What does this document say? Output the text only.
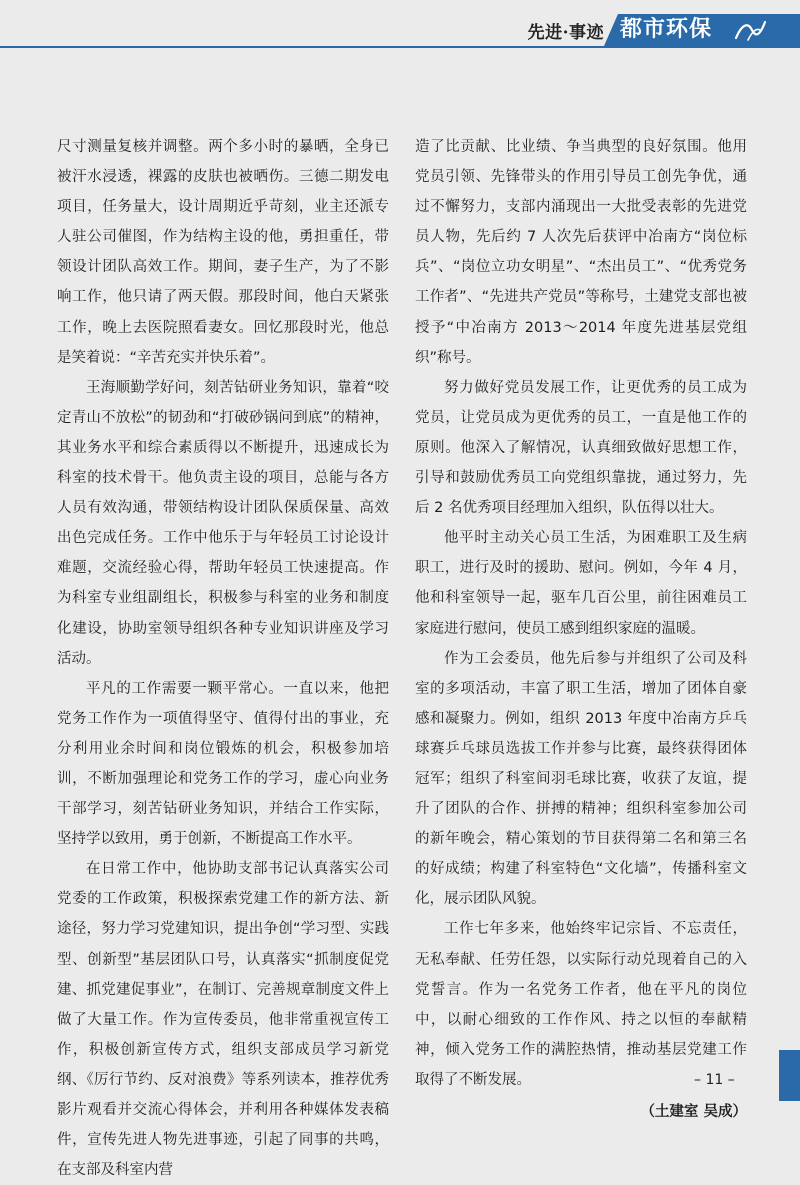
先进·事迹 都市环保

尺寸测量复核并调整。两个多小时的暴晒，全身已被汗水浸透，裸露的皮肤也被晒伤。三德二期发电项目，任务量大，设计周期近乎苛刻，业主还派专人驻公司催图，作为结构主设的他，勇担重任，带领设计团队高效工作。期间，妻子生产，为了不影响工作，他只请了两天假。那段时间，他白天紧张工作，晚上去医院照看妻女。回忆那段时光，他总是笑着说：“辛苦充实并快乐着”。

王海顺勤学好问，刻苦钻研业务知识，靠着“咬定青山不放松”的韧劲和“打破砂锅问到底”的精神，其业务水平和综合素质得以不断提升，迅速成长为科室的技术骨干。他负责主设的项目，总能与各方人员有效沟通，带领结构设计团队保质保量、高效出色完成任务。工作中他乐于与年轻员工讨论设计难题，交流经验心得，帮助年轻员工快速提高。作为科室专业组副组长，积极参与科室的业务和制度化建设，协助室领导组织各种专业知识讲座及学习活动。

平凡的工作需要一颗平常心。一直以来，他把党务工作作为一项值得坚守、值得付出的事业，充分利用业余时间和岗位锻炼的机会，积极参加培训，不断加强理论和党务工作的学习，虚心向业务干部学习，刻苦钻研业务知识，并结合工作实际，坚持学以致用，勇于创新，不断提高工作水平。

在日常工作中，他协助支部书记认真落实公司党委的工作政策，积极探索党建工作的新方法、新途径，努力学习党建知识，提出争创“学习型、实践型、创新型”基层团队口号，认真落实“抓制度促党建、抓党建促事业”，在制订、完善规章制度文件上做了大量工作。作为宣传委员，他非常重视宣传工作，积极创新宣传方式，组织支部成员学习新党纲、《厉行节约、反对浪费》等系列读本，推荐优秀影片观看并交流心得体会，并利用各种媒体发表稿件，宣传先进人物先进事迹，引起了同事的共鸣，在支部及科室内营

造了比贡献、比业绩、争当典型的良好氛围。他用党员引领、先锋带头的作用引导员工创先争优，通过不懈努力，支部内涌现出一大批受表彰的先进党员人物，先后约 7 人次先后获评中冶南方“岗位标兵”、“岗位立功女明星”、“杰出员工”、“优秀党务工作者”、“先进共产党员”等称号，土建党支部也被授予“中冶南方 2013～2014 年度先进基层党组织”称号。

努力做好党员发展工作，让更优秀的员工成为党员，让党员成为更优秀的员工，一直是他工作的原则。他深入了解情况，认真细致做好思想工作，引导和鼓励优秀员工向党组织靠拢，通过努力，先后 2 名优秀项目经理加入组织，队伍得以壮大。

他平时主动关心员工生活，为困难职工及生病职工，进行及时的援助、慰问。例如，今年 4 月，他和科室领导一起，驱车几百公里，前往困难员工家庭进行慰问，使员工感到组织家庭的温暖。

作为工会委员，他先后参与并组织了公司及科室的多项活动，丰富了职工生活，增加了团体自豪感和凝聚力。例如，组织 2013 年度中冶南方乒乓球赛乒乓球员选拔工作并参与比赛，最终获得团体冠军；组织了科室间羽毛球比赛，收获了友谊，提升了团队的合作、拼搏的精神；组织科室参加公司的新年晚会，精心策划的节目获得第二名和第三名的好成绩；构建了科室特色“文化墙”，传播科室文化，展示团队风貌。

工作七年多来，他始终牢记宗旨、不忘责任，无私奉献、任劳任怨，以实际行动兑现着自己的入党誓言。作为一名党务工作者，他在平凡的岗位中，以耐心细致的工作作风、持之以恒的奉献精神，倾入党务工作的满腔热情，推动基层党建工作取得了不断发展。

（土建室 吴成）
– 11 –
